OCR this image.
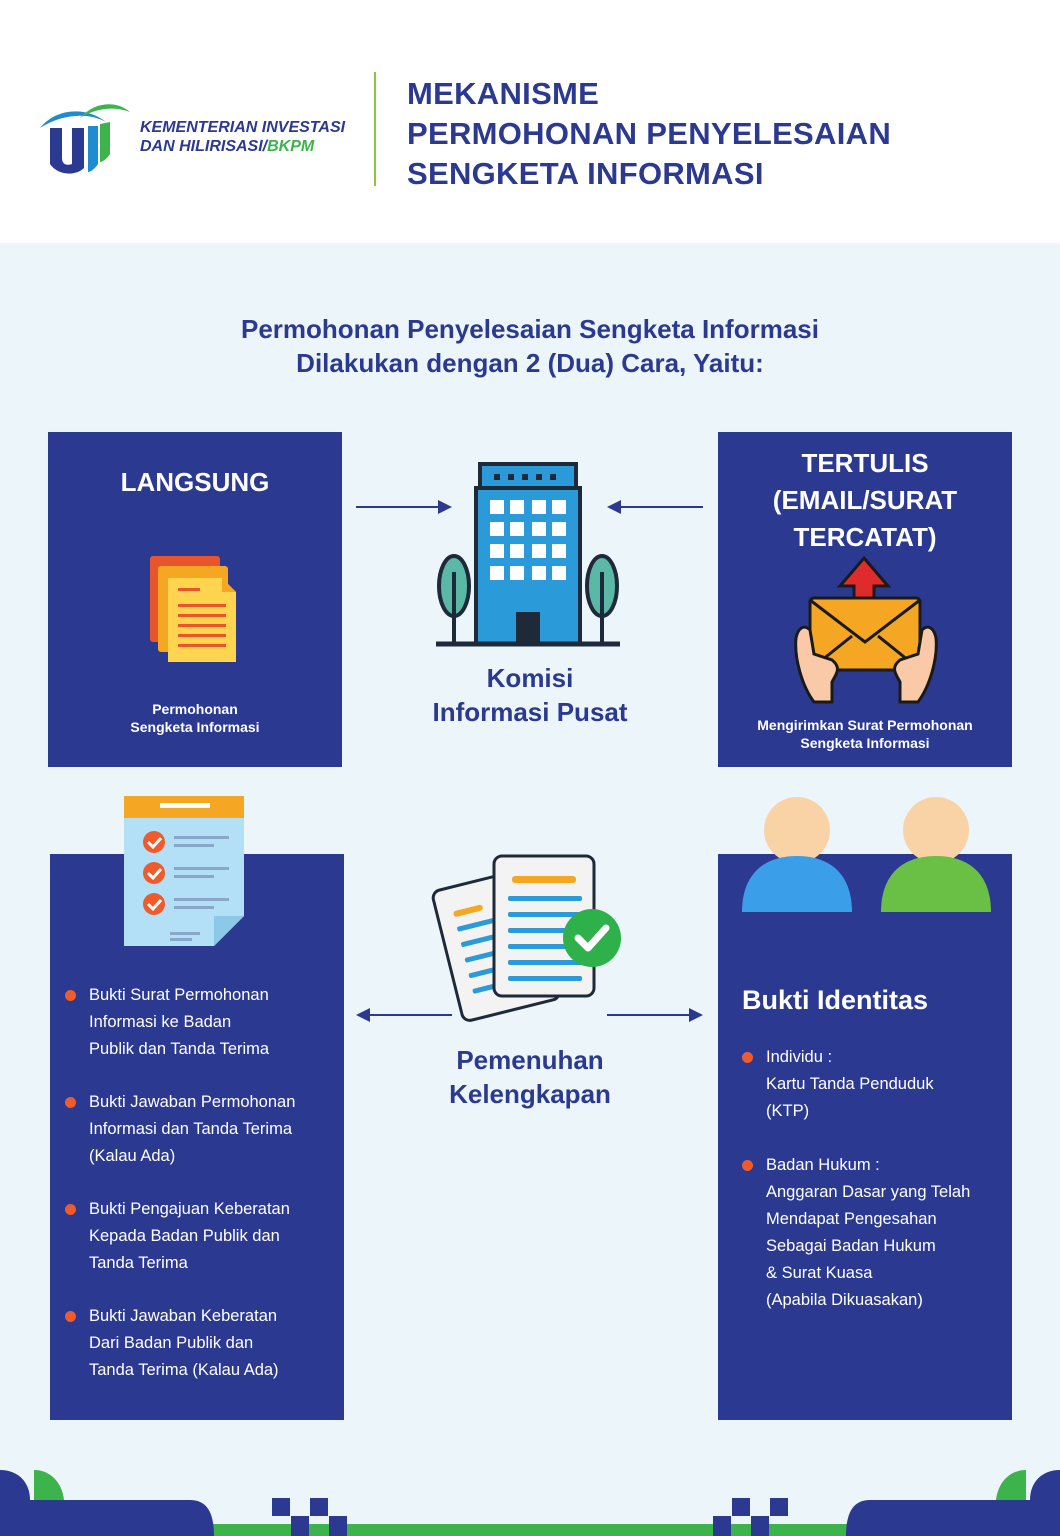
KEMENTERIAN INVESTASI
DAN HILIRISASI/BKPM
MEKANISME
PERMOHONAN PENYELESAIAN
SENGKETA INFORMASI
Permohonan Penyelesaian Sengketa Informasi
Dilakukan dengan 2 (Dua) Cara, Yaitu:
LANGSUNG
Permohonan
Sengketa Informasi
TERTULIS
(EMAIL/SURAT
TERCATAT)
Mengirimkan Surat Permohonan
Sengketa Informasi
Komisi
Informasi Pusat
Bukti Surat Permohonan
Informasi ke Badan
Publik dan Tanda Terima
Bukti Jawaban Permohonan
Informasi dan Tanda Terima
(Kalau Ada)
Bukti Pengajuan Keberatan
Kepada Badan Publik dan
Tanda Terima
Bukti Jawaban Keberatan
Dari Badan Publik dan
Tanda Terima (Kalau Ada)
Pemenuhan
Kelengkapan
Bukti Identitas
Individu :
Kartu Tanda Penduduk
(KTP)
Badan Hukum :
Anggaran Dasar yang Telah
Mendapat Pengesahan
Sebagai Badan Hukum
& Surat Kuasa
(Apabila Dikuasakan)
